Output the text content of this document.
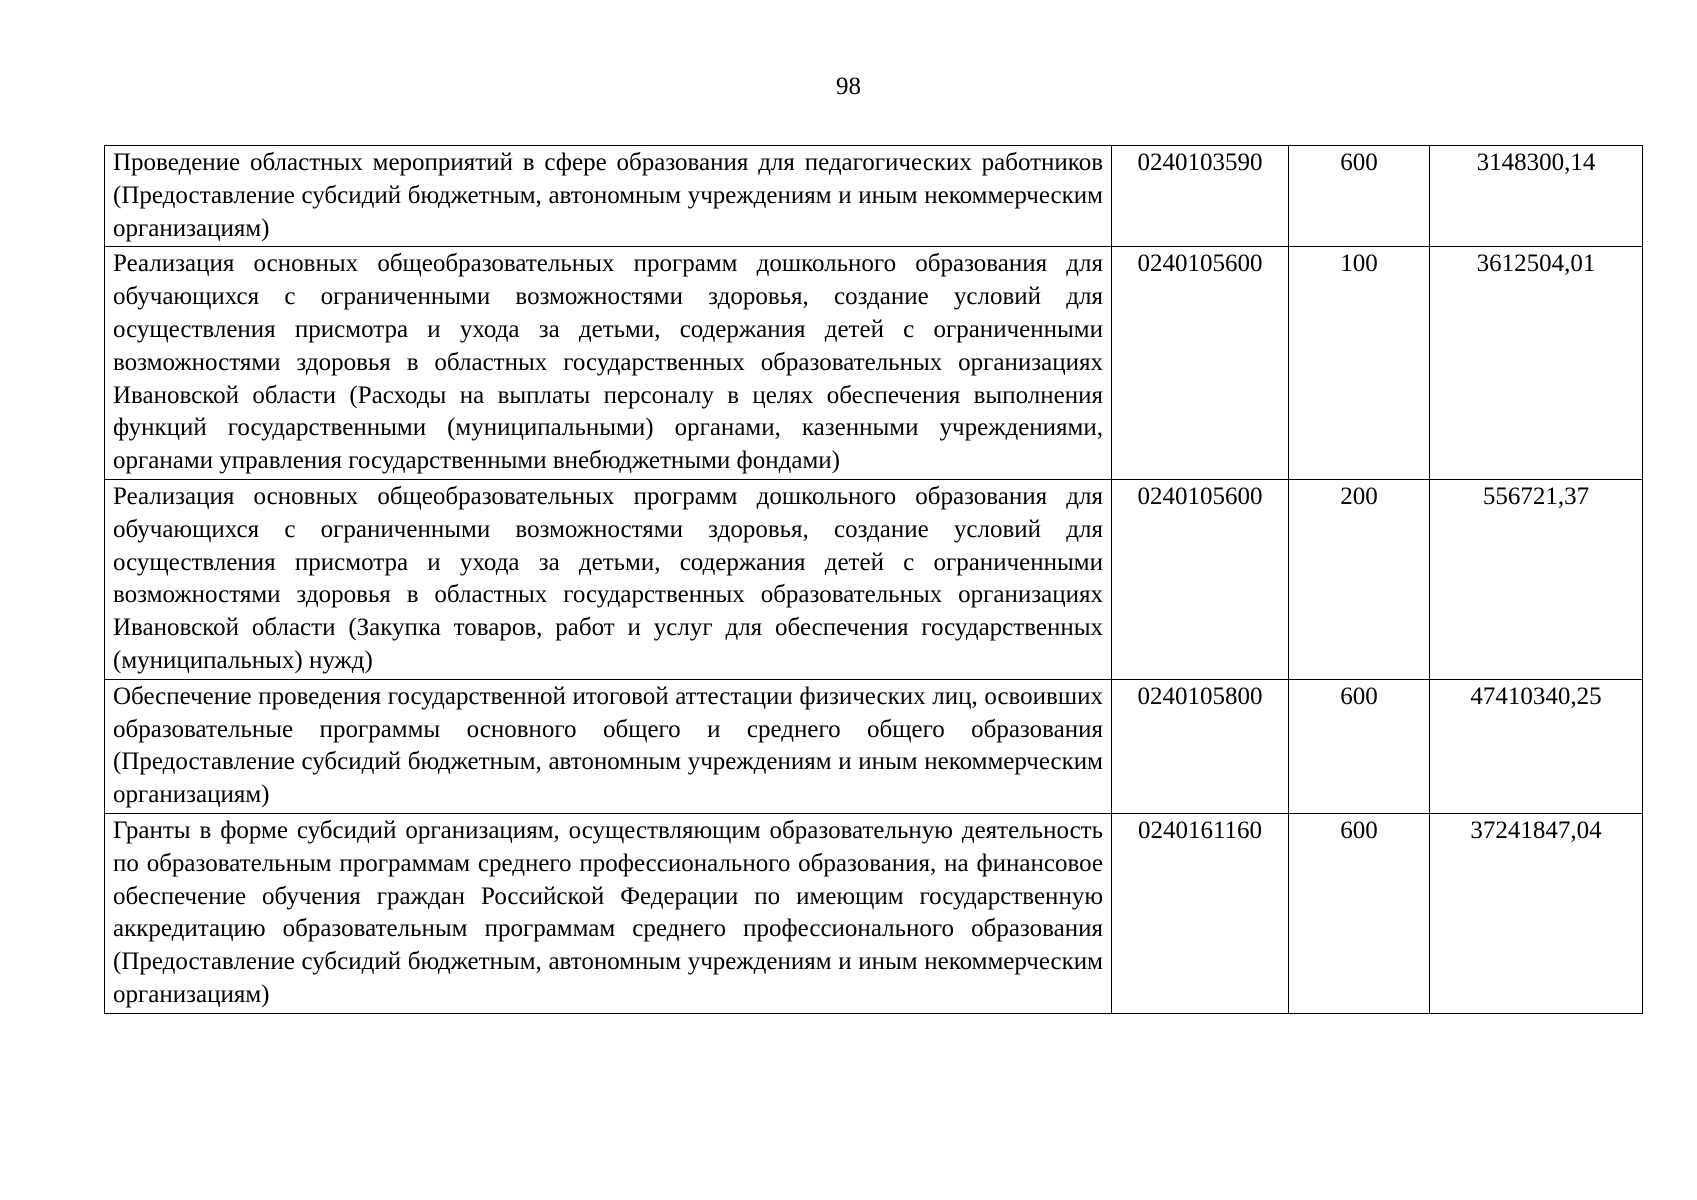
98
Проведение областных мероприятий в сфере образования для педагогических работников (Предоставление субсидий бюджетным, автономным учреждениям и иным некоммерческим организациям)	0240103590	600	3148300,14
Реализация основных общеобразовательных программ дошкольного образования для обучающихся с ограниченными возможностями здоровья, создание условий для осуществления присмотра и ухода за детьми, содержания детей с ограниченными возможностями здоровья в областных государственных образовательных организациях Ивановской области (Расходы на выплаты персоналу в целях обеспечения выполнения функций государственными (муниципальными) органами, казенными учреждениями, органами управления государственными внебюджетными фондами)	0240105600	100	3612504,01
Реализация основных общеобразовательных программ дошкольного образования для обучающихся с ограниченными возможностями здоровья, создание условий для осуществления присмотра и ухода за детьми, содержания детей с ограниченными возможностями здоровья в областных государственных образовательных организациях Ивановской области (Закупка товаров, работ и услуг для обеспечения государственных (муниципальных) нужд)	0240105600	200	556721,37
Обеспечение проведения государственной итоговой аттестации физических лиц, освоивших образовательные программы основного общего и среднего общего образования (Предоставление субсидий бюджетным, автономным учреждениям и иным некоммерческим организациям)	0240105800	600	47410340,25
Гранты в форме субсидий организациям, осуществляющим образовательную деятельность по образовательным программам среднего профессионального образования, на финансовое обеспечение обучения граждан Российской Федерации по имеющим государственную аккредитацию образовательным программам среднего профессионального образования (Предоставление субсидий бюджетным, автономным учреждениям и иным некоммерческим организациям)	0240161160	600	37241847,04
